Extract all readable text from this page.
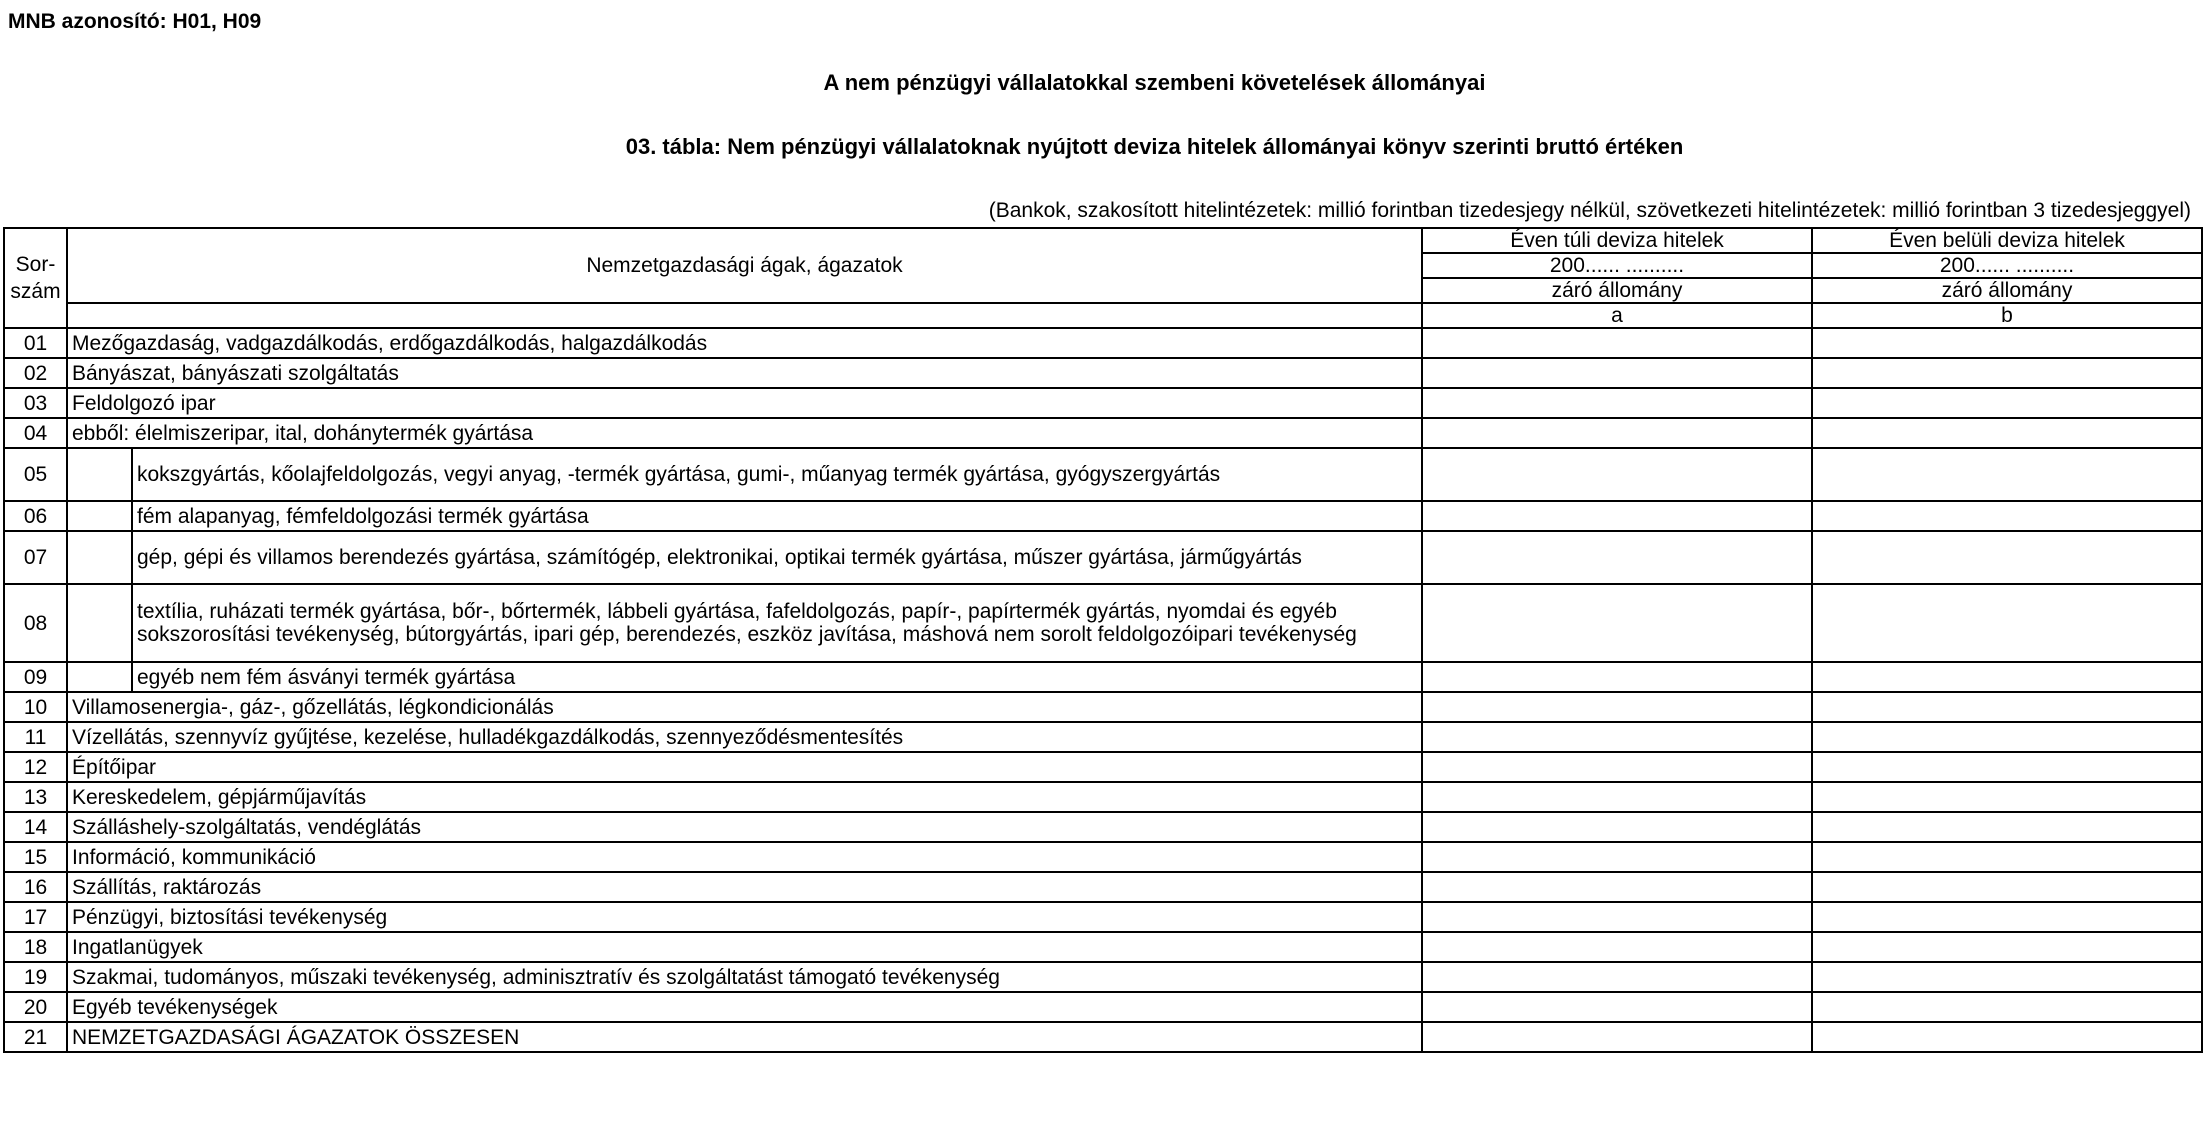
MNB azonosító: H01, H09
A nem pénzügyi vállalatokkal szembeni követelések állományai
03. tábla: Nem pénzügyi vállalatoknak nyújtott deviza hitelek állományai könyv szerinti bruttó értéken
(Bankok, szakosított hitelintézetek: millió forintban tizedesjegy nélkül, szövetkezeti hitelintézetek: millió forintban 3 tizedesjeggyel)
Sor-
szám	Nemzetgazdasági ágak, ágazatok		Éven túli deviza hitelek	Éven belüli deviza hitelek
			200...... ..........	200...... ..........
			záró állomány	záró állomány
			a	b
01	Mezőgazdaság, vadgazdálkodás, erdőgazdálkodás, halgazdálkodás			
02	Bányászat, bányászati szolgáltatás			
03	Feldolgozó ipar			
04	ebből: élelmiszeripar, ital, dohánytermék gyártása			
05		kokszgyártás, kőolajfeldolgozás, vegyi anyag, -termék gyártása, gumi-, műanyag termék gyártása, gyógyszergyártás		
06		fém alapanyag, fémfeldolgozási termék gyártása		
07		gép, gépi és villamos berendezés gyártása, számítógép, elektronikai, optikai termék gyártása, műszer gyártása, járműgyártás		
08		textília, ruházati termék gyártása, bőr-, bőrtermék, lábbeli gyártása, fafeldolgozás, papír-, papírtermék gyártás, nyomdai és egyéb sokszorosítási tevékenység, bútorgyártás, ipari gép, berendezés, eszköz javítása, máshová nem sorolt feldolgozóipari tevékenység		
09		egyéb nem fém ásványi termék gyártása		
10	Villamosenergia-, gáz-, gőzellátás, légkondicionálás			
11	Vízellátás, szennyvíz gyűjtése, kezelése, hulladékgazdálkodás, szennyeződésmentesítés			
12	Építőipar			
13	Kereskedelem, gépjárműjavítás			
14	Szálláshely-szolgáltatás, vendéglátás			
15	Információ, kommunikáció			
16	Szállítás, raktározás			
17	Pénzügyi, biztosítási tevékenység			
18	Ingatlanügyek			
19	Szakmai, tudományos, műszaki tevékenység, adminisztratív és szolgáltatást támogató tevékenység			
20	Egyéb tevékenységek			
21	NEMZETGAZDASÁGI ÁGAZATOK ÖSSZESEN			
